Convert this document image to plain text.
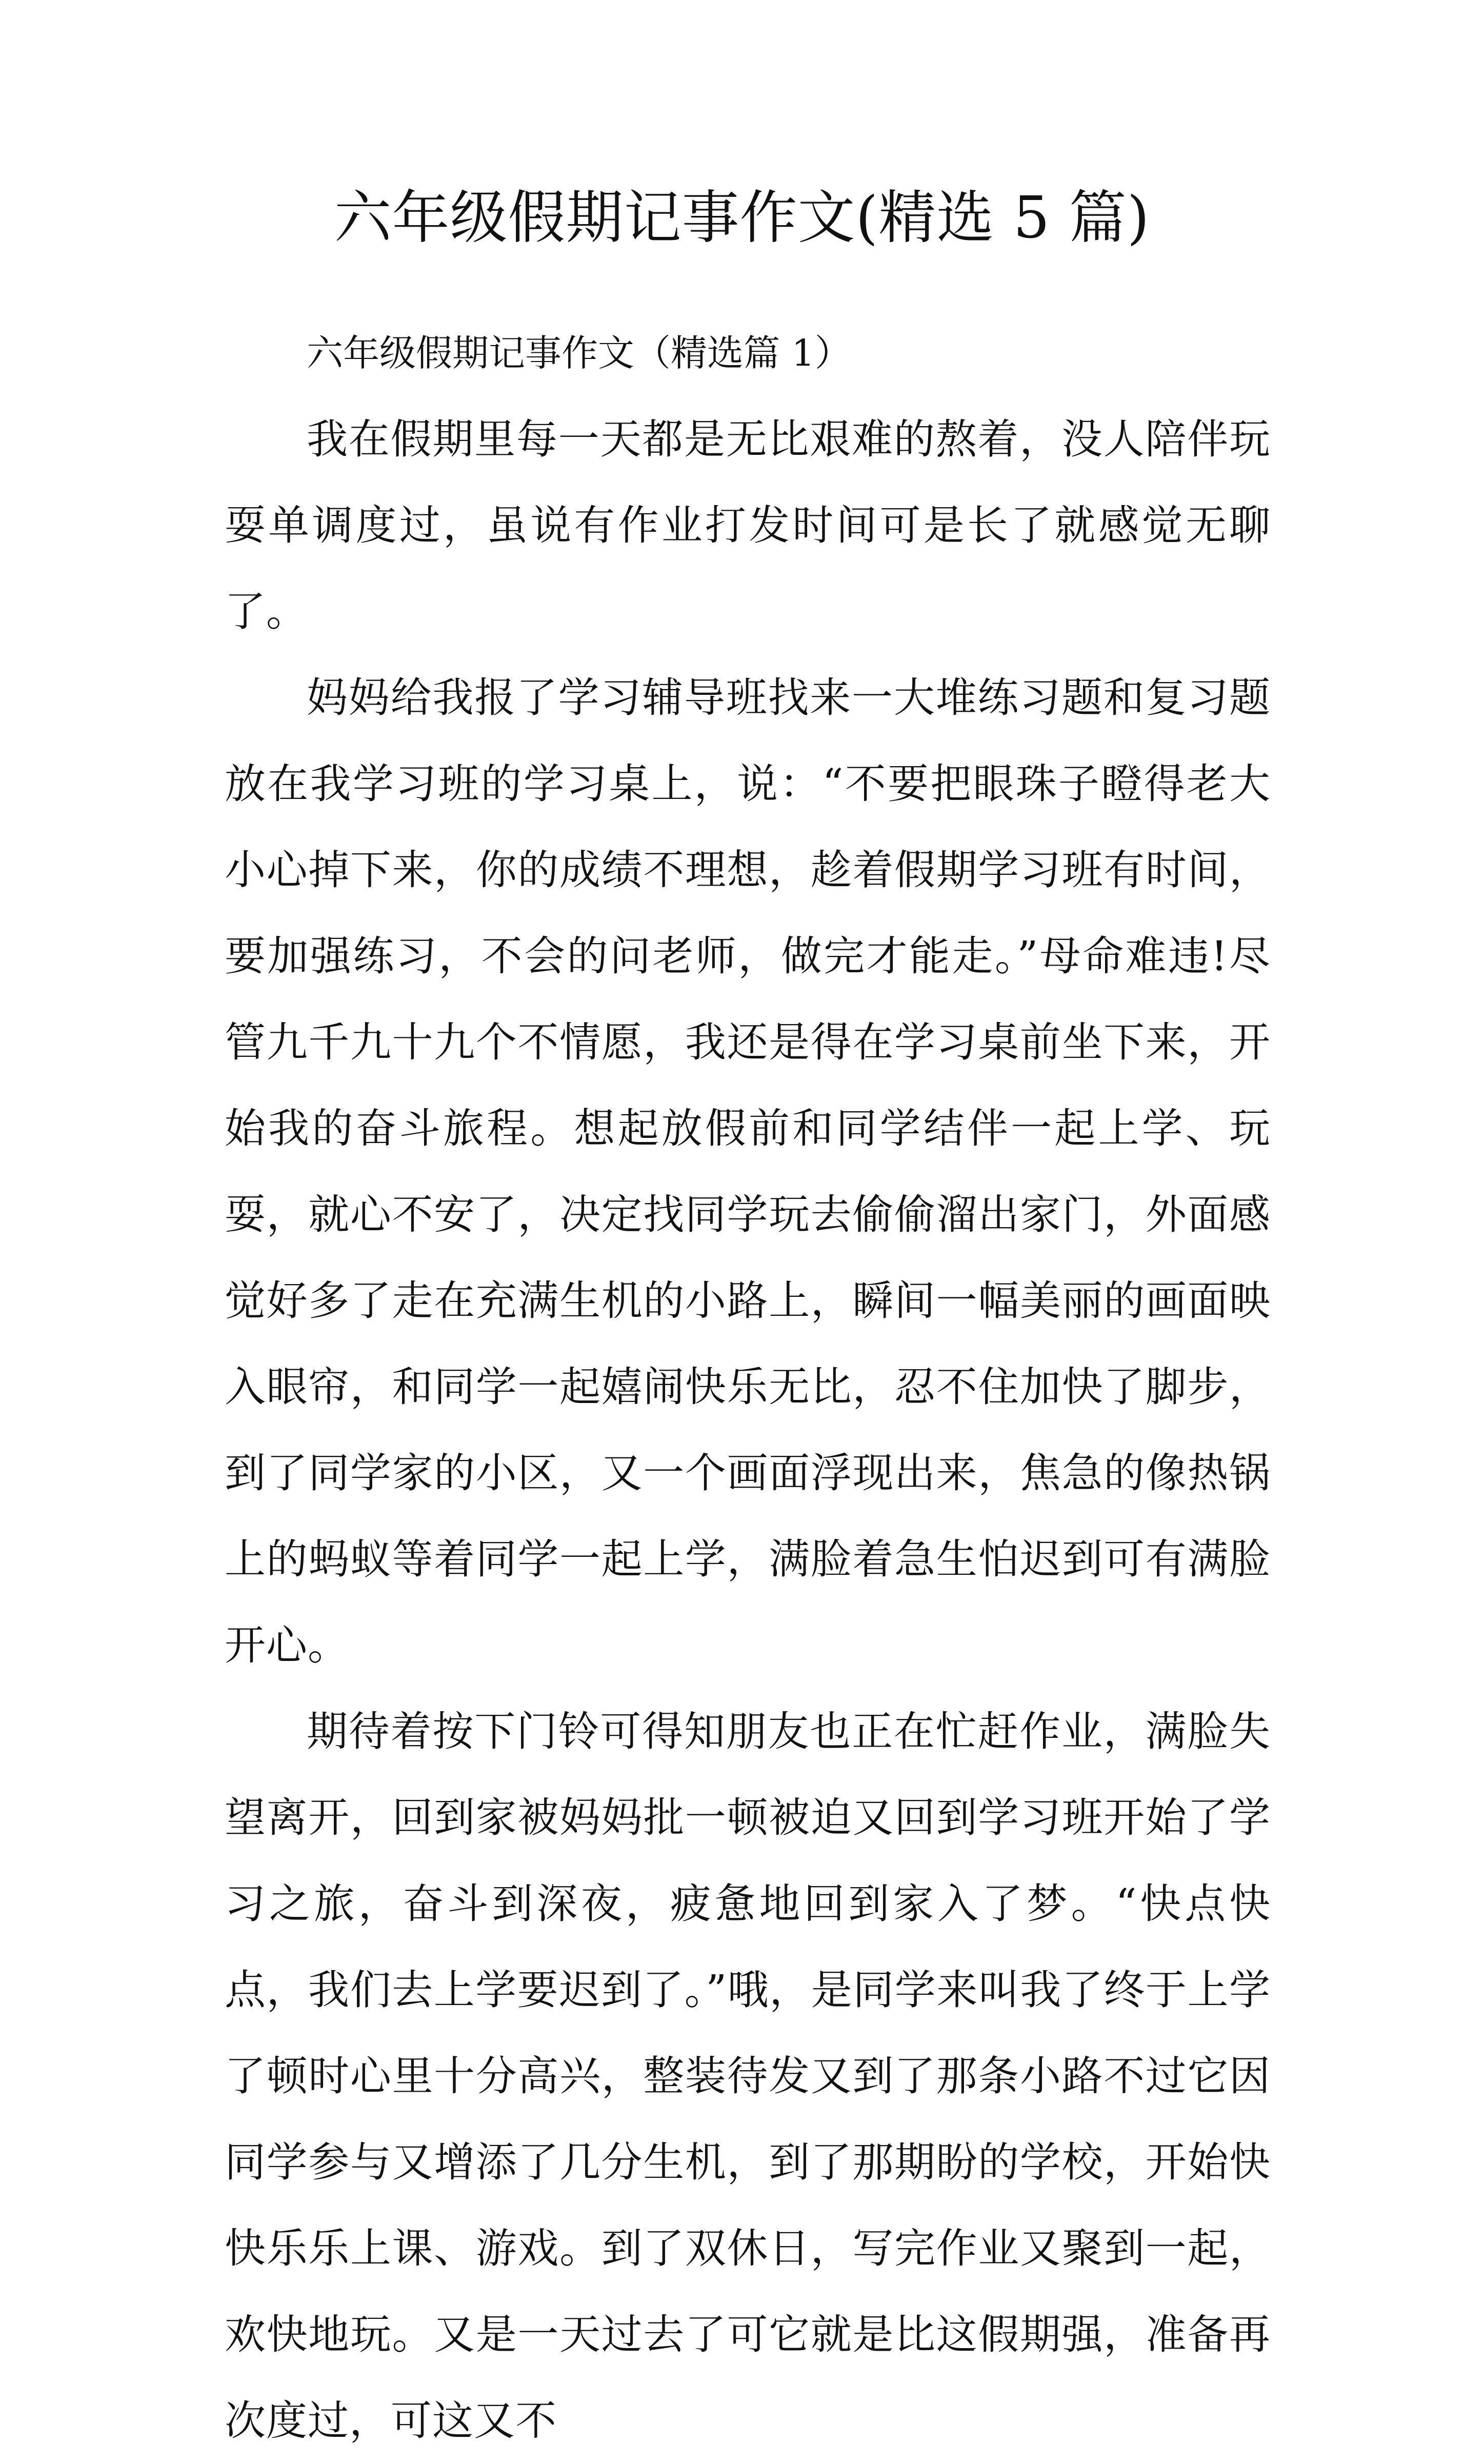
六年级假期记事作文(精选 5 篇)
六年级假期记事作文（精选篇 1）

我在假期里每一天都是无比艰难的熬着，没人陪伴玩耍单调度过，虽说有作业打发时间可是长了就感觉无聊了。

妈妈给我报了学习辅导班找来一大堆练习题和复习题放在我学习班的学习桌上，说：“不要把眼珠子瞪得老大小心掉下来，你的成绩不理想，趁着假期学习班有时间，要加强练习，不会的问老师，做完才能走。”母命难违!尽管九千九十九个不情愿，我还是得在学习桌前坐下来，开始我的奋斗旅程。想起放假前和同学结伴一起上学、玩耍，就心不安了，决定找同学玩去偷偷溜出家门，外面感觉好多了走在充满生机的小路上，瞬间一幅美丽的画面映入眼帘，和同学一起嬉闹快乐无比，忍不住加快了脚步，到了同学家的小区，又一个画面浮现出来，焦急的像热锅上的蚂蚁等着同学一起上学，满脸着急生怕迟到可有满脸开心。

期待着按下门铃可得知朋友也正在忙赶作业，满脸失望离开，回到家被妈妈批一顿被迫又回到学习班开始了学习之旅，奋斗到深夜，疲惫地回到家入了梦。“快点快点，我们去上学要迟到了。”哦，是同学来叫我了终于上学了顿时心里十分高兴，整装待发又到了那条小路不过它因同学参与又增添了几分生机，到了那期盼的学校，开始快快乐乐上课、游戏。到了双休日，写完作业又聚到一起，欢快地玩。又是一天过去了可它就是比这假期强，准备再次度过，可这又不
